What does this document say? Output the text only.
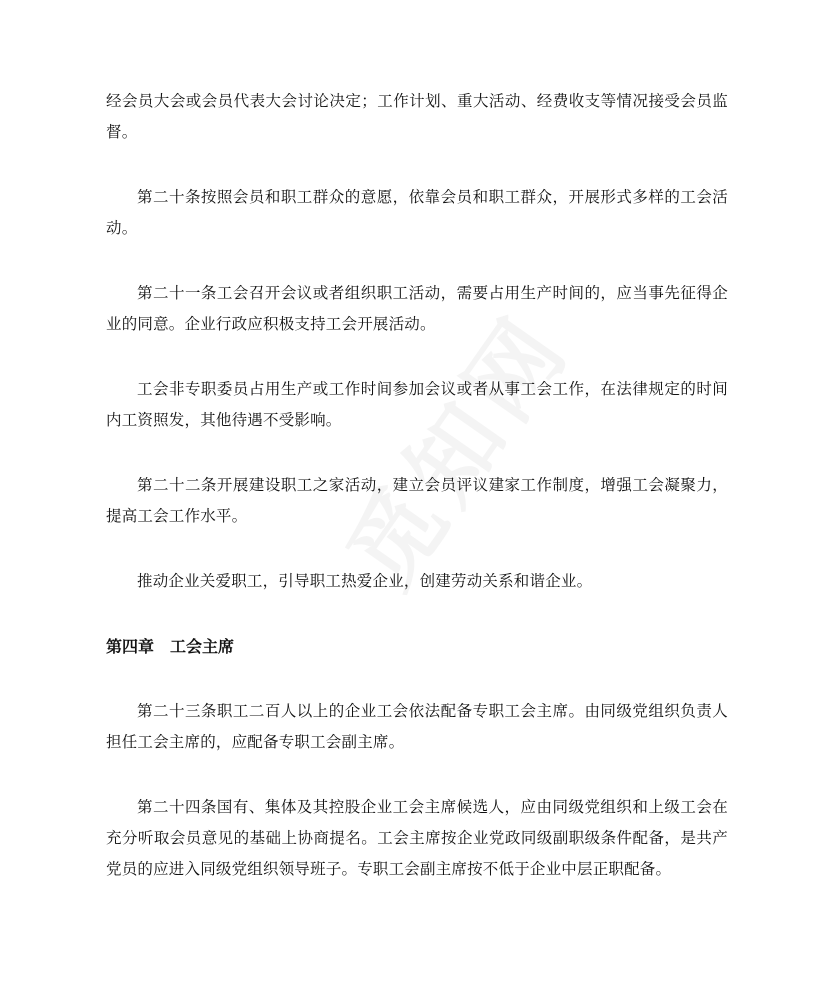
经会员大会或会员代表大会讨论决定；工作计划、重大活动、经费收支等情况接受会员监督。

第二十条按照会员和职工群众的意愿，依靠会员和职工群众，开展形式多样的工会活动。

第二十一条工会召开会议或者组织职工活动，需要占用生产时间的，应当事先征得企业的同意。企业行政应积极支持工会开展活动。

工会非专职委员占用生产或工作时间参加会议或者从事工会工作，在法律规定的时间内工资照发，其他待遇不受影响。

第二十二条开展建设职工之家活动，建立会员评议建家工作制度，增强工会凝聚力，提高工会工作水平。

推动企业关爱职工，引导职工热爱企业，创建劳动关系和谐企业。

第四章　工会主席

第二十三条职工二百人以上的企业工会依法配备专职工会主席。由同级党组织负责人担任工会主席的，应配备专职工会副主席。

第二十四条国有、集体及其控股企业工会主席候选人，应由同级党组织和上级工会在充分听取会员意见的基础上协商提名。工会主席按企业党政同级副职级条件配备，是共产党员的应进入同级党组织领导班子。专职工会副主席按不低于企业中层正职配备。
